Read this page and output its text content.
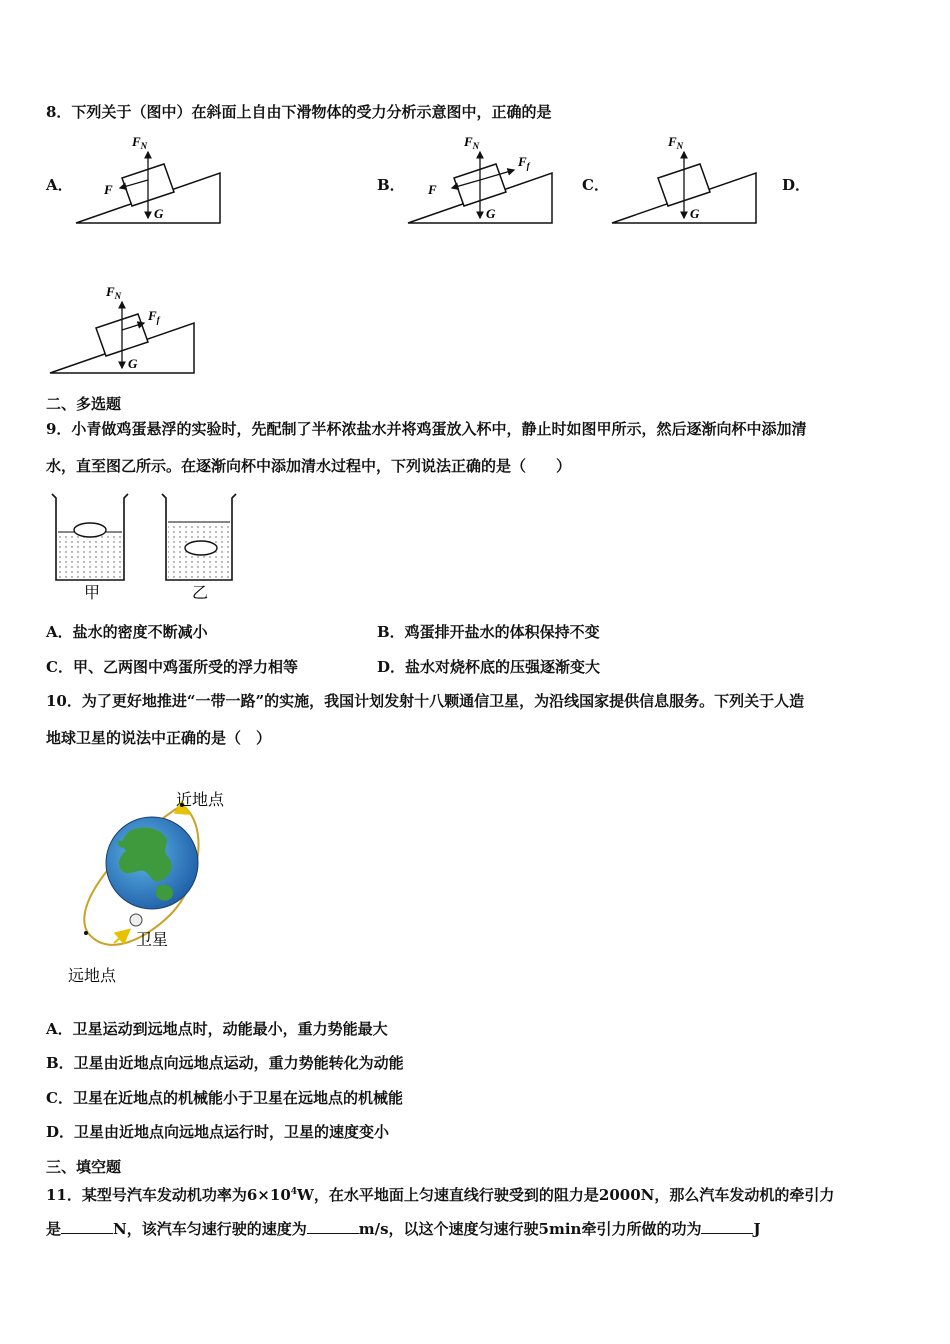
8．下列关于（图中）在斜面上自由下滑物体的受力分析示意图中，正确的是
A．	B．	C．	D．
$F_N$
F
G
$F_N$
$F_f$
F
G
$F_N$
G
$F_N$
$F_f$
G
二、多选题
9．小青做鸡蛋悬浮的实验时，先配制了半杯浓盐水并将鸡蛋放入杯中，静止时如图甲所示，然后逐渐向杯中添加清
水，直至图乙所示。在逐渐向杯中添加清水过程中，下列说法正确的是（　　）
甲	乙
A．盐水的密度不断减小	B．鸡蛋排开盐水的体积保持不变
C．甲、乙两图中鸡蛋所受的浮力相等	D．盐水对烧杯底的压强逐渐变大
10．为了更好地推进“一带一路”的实施，我国计划发射十八颗通信卫星，为沿线国家提供信息服务。下列关于人造
地球卫星的说法中正确的是（　）
近地点
卫星
远地点
A．卫星运动到远地点时，动能最小，重力势能最大
B．卫星由近地点向远地点运动，重力势能转化为动能
C．卫星在近地点的机械能小于卫星在远地点的机械能
D．卫星由近地点向远地点运行时，卫星的速度变小
三、填空题
11．某型号汽车发动机功率为$6\times 10^4W$，在水平地面上匀速直线行驶受到的阻力是2000N，那么汽车发动机的牵引力
是	N，该汽车匀速行驶的速度为	m/s，以这个速度匀速行驶5min牵引力所做的功为	J
